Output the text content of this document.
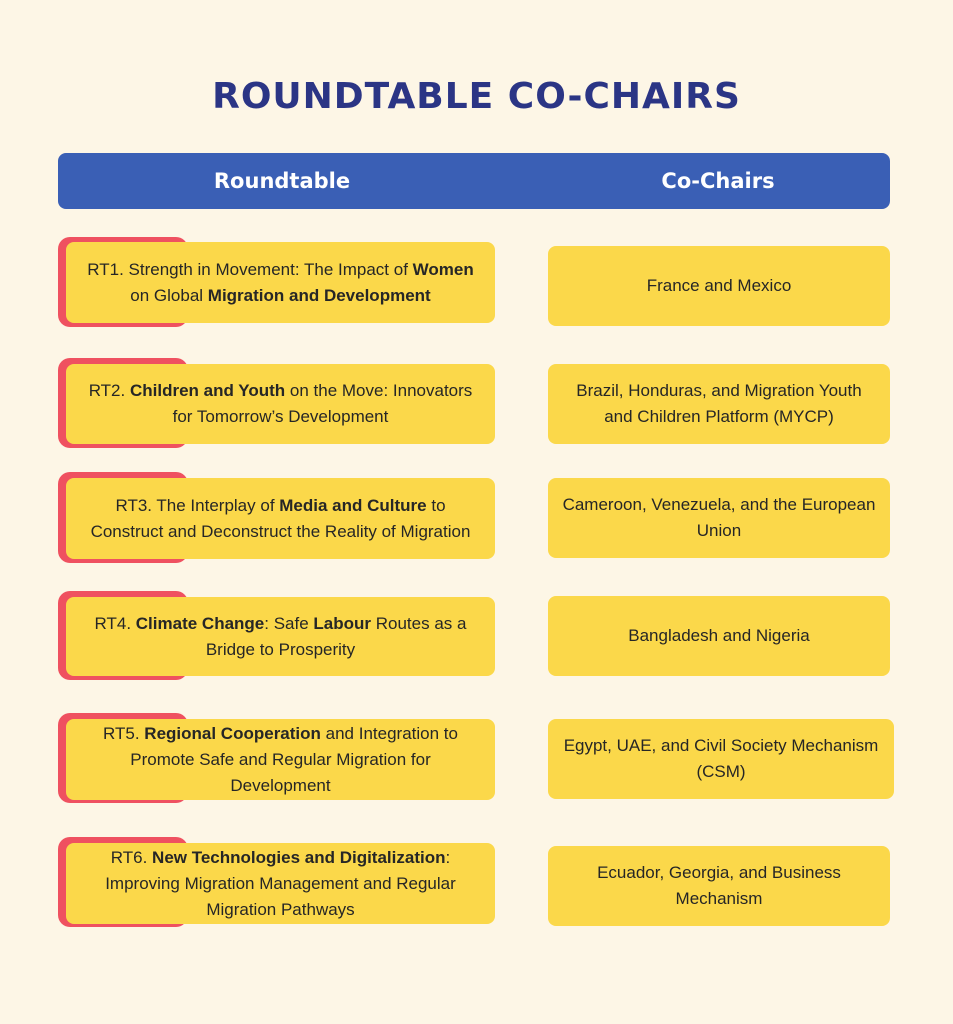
ROUNDTABLE CO-CHAIRS
Roundtable	Co-Chairs
RT1. Strength in Movement: The Impact of Women on Global Migration and Development	France and Mexico
RT2. Children and Youth on the Move: Innovators for Tomorrow’s Development
Brazil, Honduras, and Migration Youth and Children Platform (MYCP)
RT3. The Interplay of Media and Culture to Construct and Deconstruct the Reality of Migration
Cameroon, Venezuela, and the European Union
RT4. Climate Change: Safe Labour Routes as a Bridge to Prosperity
Bangladesh and Nigeria
RT5. Regional Cooperation and Integration to Promote Safe and Regular Migration for Development
Egypt, UAE, and Civil Society Mechanism (CSM)
RT6. New Technologies and Digitalization: Improving Migration Management and Regular Migration Pathways
Ecuador, Georgia, and Business Mechanism
